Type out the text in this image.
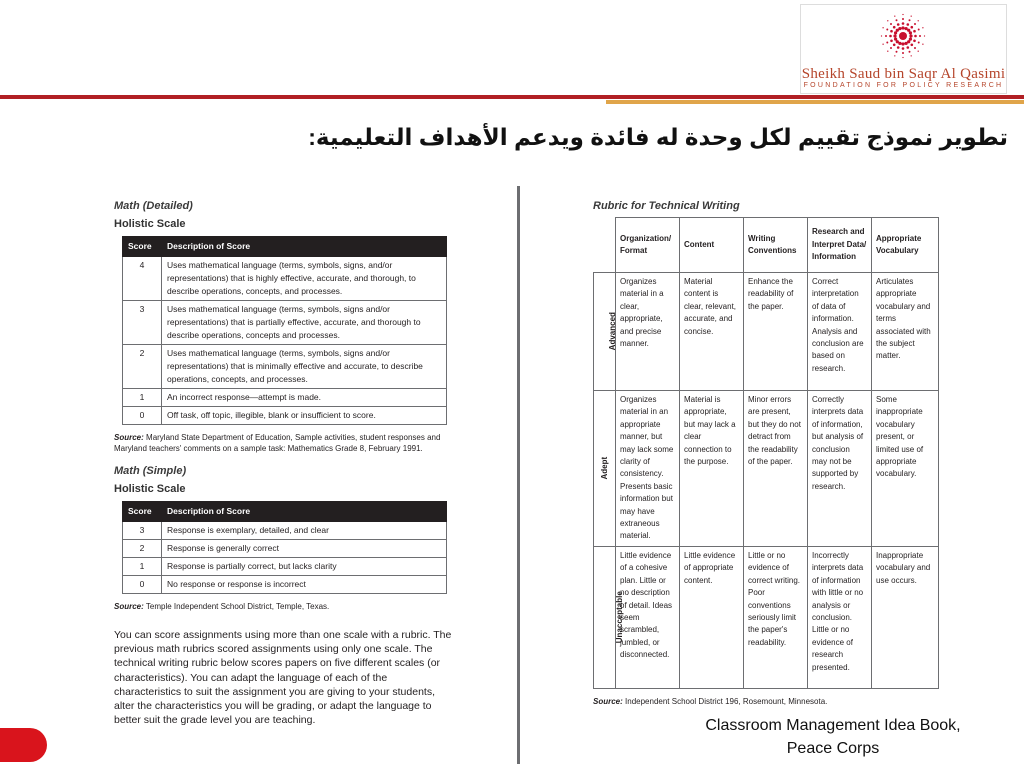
Sheikh Saud bin Saqr Al Qasimi
FOUNDATION FOR POLICY RESEARCH
تطوير نموذج تقييم لكل وحدة له فائدة ويدعم الأهداف التعليمية:
Math (Detailed)
Holistic Scale
Score	Description of Score
4	Uses mathematical language (terms, symbols, signs, and/or representations) that is highly effective, accurate, and thorough, to describe operations, concepts, and processes.
3	Uses mathematical language (terms, symbols, signs and/or representations) that is partially effective, accurate, and thorough to describe operations, concepts and processes.
2	Uses mathematical language (terms, symbols, signs and/or representations) that is minimally effective and accurate, to describe operations, concepts, and processes.
1	An incorrect response—attempt is made.
0	Off task, off topic, illegible, blank or insufficient to score.
Source: Maryland State Department of Education, Sample activities, student responses and Maryland teachers' comments on a sample task: Mathematics Grade 8, February 1991.
Math (Simple)
Holistic Scale
Score	Description of Score
3	Response is exemplary, detailed, and clear
2	Response is generally correct
1	Response is partially correct, but lacks clarity
0	No response or response is incorrect
Source: Temple Independent School District, Temple, Texas.
You can score assignments using more than one scale with a rubric. The previous math rubrics scored assignments using only one scale. The technical writing rubric below scores papers on five different scales (or characteristics). You can adapt the language of each of the characteristics to suit the assignment you are giving to your students, alter the characteristics you will be grading, or adapt the language to better suit the grade level you are teaching.
Rubric for Technical Writing
	Organization/ Format	Content	Writing Conventions	Research and Interpret Data/ Information	Appropriate Vocabulary
Advanced	Organizes material in a clear, appropriate, and precise manner.	Material content is clear, relevant, accurate, and concise.	Enhance the readability of the paper.	Correct interpretation of data of information. Analysis and conclusion are based on research.	Articulates appropriate vocabulary and terms associated with the subject matter.
Adept	Organizes material in an appropriate manner, but may lack some clarity of consistency. Presents basic information but may have extraneous material.	Material is appropriate, but may lack a clear connection to the purpose.	Minor errors are present, but they do not detract from the readability of the paper.	Correctly interprets data of information, but analysis of conclusion may not be supported by research.	Some inappropriate vocabulary present, or limited use of appropriate vocabulary.
Unacceptable	Little evidence of a cohesive plan. Little or no description of detail. Ideas seem scrambled, jumbled, or disconnected.	Little evidence of appropriate content.	Little or no evidence of correct writing. Poor conventions seriously limit the paper's readability.	Incorrectly interprets data of information with little or no analysis or conclusion. Little or no evidence of research presented.	Inappropriate vocabulary and use occurs.
Source: Independent School District 196, Rosemount, Minnesota.
Classroom Management Idea Book,
Peace Corps
